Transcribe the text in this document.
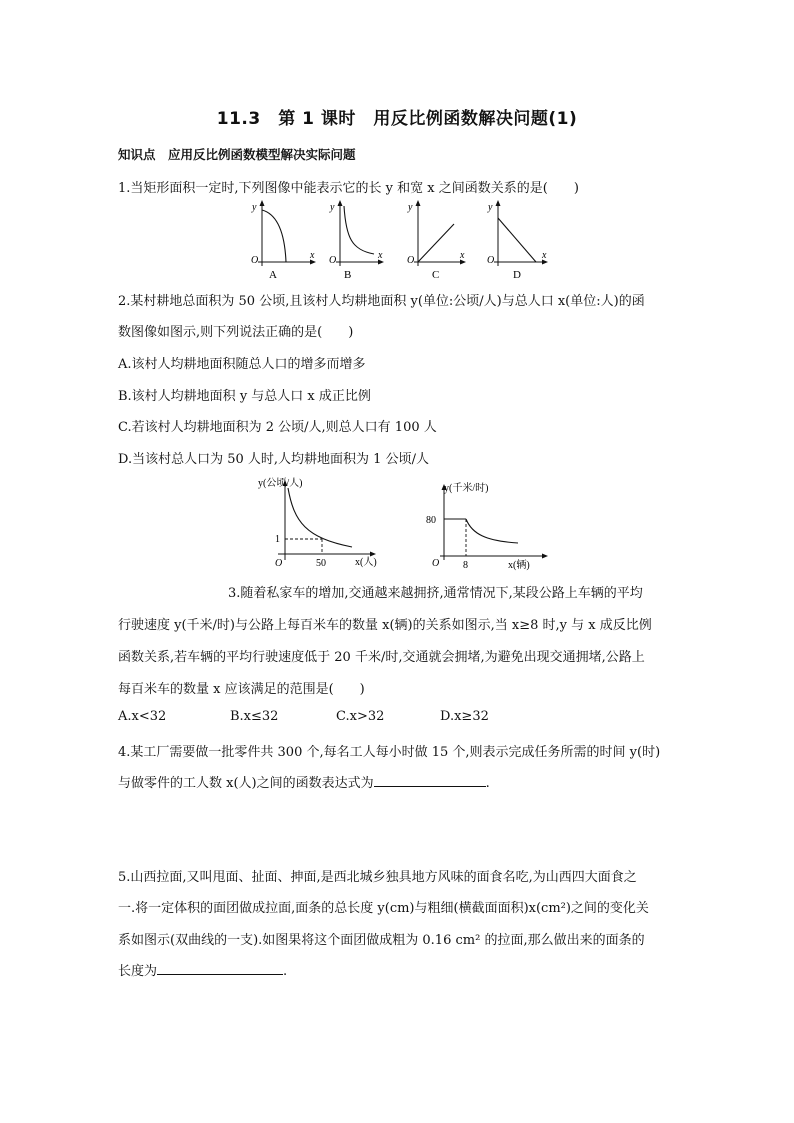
11.3　第 1 课时　用反比例函数解决问题(1)
知识点　应用反比例函数模型解决实际问题
1.当矩形面积一定时,下列图像中能表示它的长 y 和宽 x 之间函数关系的是(　　)
y
x
O
A
y
x
O
B
y
x
O
C
y
x
O
D
2.某村耕地总面积为 50 公顷,且该村人均耕地面积 y(单位:公顷/人)与总人口 x(单位:人)的函
数图像如图示,则下列说法正确的是(　　)
A.该村人均耕地面积随总人口的增多而增多
B.该村人均耕地面积 y 与总人口 x 成正比例
C.若该村人均耕地面积为 2 公顷/人,则总人口有 100 人
D.当该村总人口为 50 人时,人均耕地面积为 1 公顷/人
y(公顷/人)
x(人)
1
50
O
y(千米/时)
x(辆)
80
8
O
3.随着私家车的增加,交通越来越拥挤,通常情况下,某段公路上车辆的平均
行驶速度 y(千米/时)与公路上每百米车的数量 x(辆)的关系如图示,当 x≥8 时,y 与 x 成反比例
函数关系,若车辆的平均行驶速度低于 20 千米/时,交通就会拥堵,为避免出现交通拥堵,公路上
每百米车的数量 x 应该满足的范围是(　　)
A.x<32	B.x≤32	C.x>32	D.x≥32
4.某工厂需要做一批零件共 300 个,每名工人每小时做 15 个,则表示完成任务所需的时间 y(时)
与做零件的工人数 x(人)之间的函数表达式为	.
5.山西拉面,又叫甩面、扯面、抻面,是西北城乡独具地方风味的面食名吃,为山西四大面食之
一.将一定体积的面团做成拉面,面条的总长度 y(cm)与粗细(横截面面积)x(cm²)之间的变化关
系如图示(双曲线的一支).如图果将这个面团做成粗为 0.16 cm² 的拉面,那么做出来的面条的
长度为	.
